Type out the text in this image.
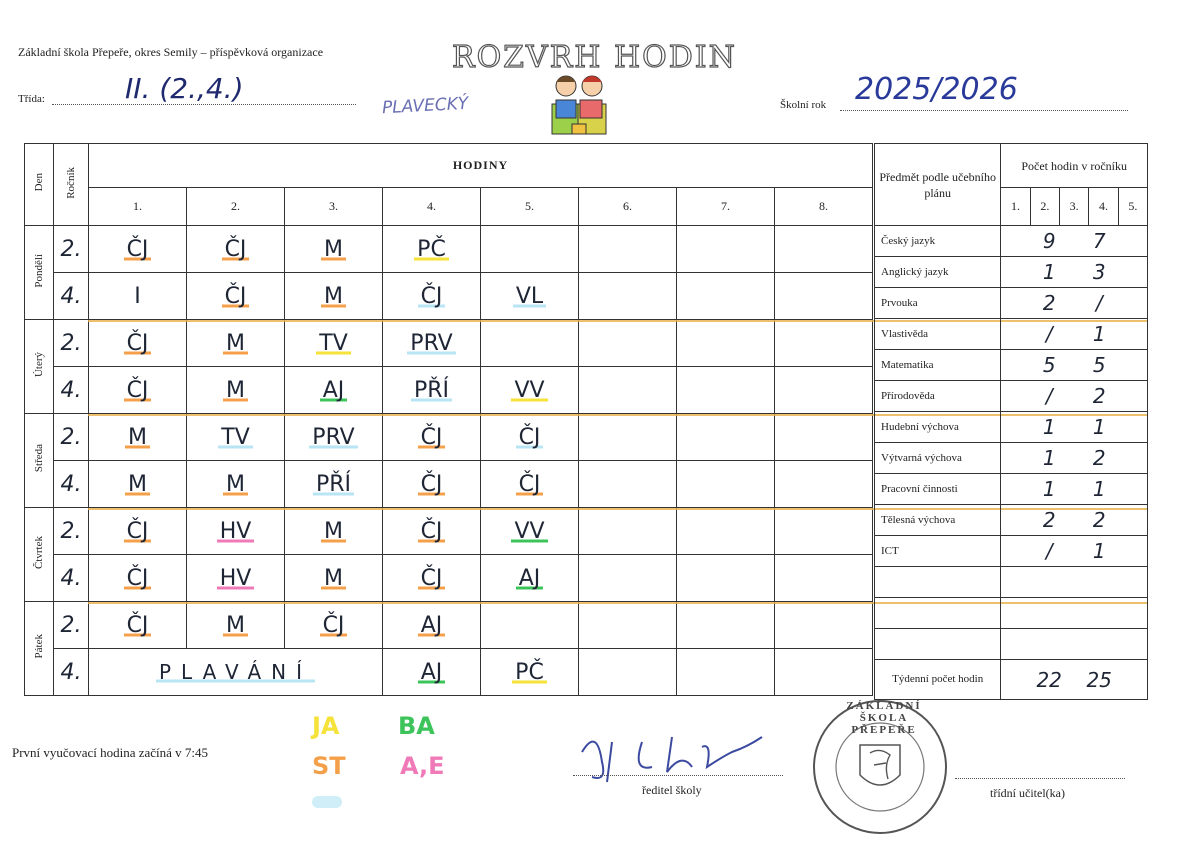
Základní škola Přepeře, okres Semily – příspěvková organizace	ROZVRH HODIN
Třída:	II. (2.,4.)
PLAVECKÝ	Školní rok 2025/2026
Den	Ročník	HODINY							
		1.	2.	3.	4.	5.	6.	7.	8.
Pondělí	2.	ČJ	ČJ	M	PČ				
	4.	I	ČJ	M	ČJ	VL			
Úterý	2.	ČJ	M	TV	PRV				
	4.	ČJ	M	AJ	PŘÍ	VV			
Středa	2.	M	TV	PRV	ČJ	ČJ			
	4.	M	M	PŘÍ	ČJ	ČJ			
Čtvrtek	2.	ČJ	HV	M	ČJ	VV			
	4.	ČJ	HV	M	ČJ	AJ			
Pátek	2.	ČJ	M	ČJ	AJ				
	4.	PLAVÁNÍ			AJ	PČ			
Předmět podle učebního plánu	Počet hodin v ročníku				
	1.	2.	3.	4.	5.
Český jazyk	9 7				
Anglický jazyk	1 3				
Prvouka	2 /				
Vlastivěda	/ 1				
Matematika	5 5				
Přírodověda	/ 2				
Hudební výchova	1 1				
Výtvarná výchova	1 2				
Pracovní činnosti	1 1				
Tělesná výchova	2 2				
ICT	/ 1				

Týdenní počet hodin	22 25				
První vyučovací hodina začíná v 7:45
JA BA
ST A,E
ředitel školy
ZÁKLADNÍ ŠKOLA PŘEPEŘE
třídní učitel(ka)
